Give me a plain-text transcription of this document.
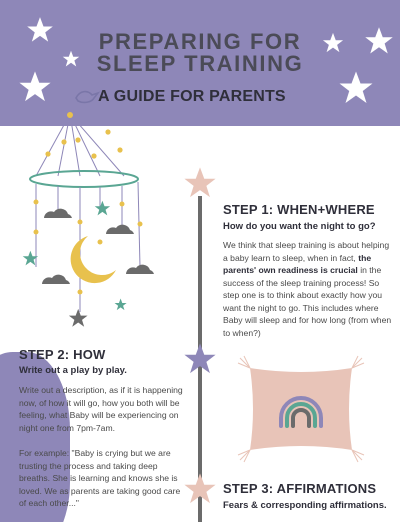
PREPARING FOR
SLEEP TRAINING
A GUIDE FOR PARENTS
STEP 1: WHEN+WHERE
How do you want the night to go?
We think that sleep training is about helping a baby learn to sleep, when in fact, the parents' own readiness is crucial in the success of the sleep training process! So step one is to think about exactly how you want the night to go. This includes where Baby will sleep and for how long (from when to when?)
STEP 2: HOW
Write out a play by play.
Write out a description, as if it is happening now, of how it will go, how you both will be feeling, what Baby will be experiencing on night one from 7pm-7am.
For example: "Baby is crying but we are trusting the process and taking deep breaths. She is learning and knows she is loved. We as parents are taking good care of each other..."
STEP 3: AFFIRMATIONS
Fears & corresponding affirmations.
